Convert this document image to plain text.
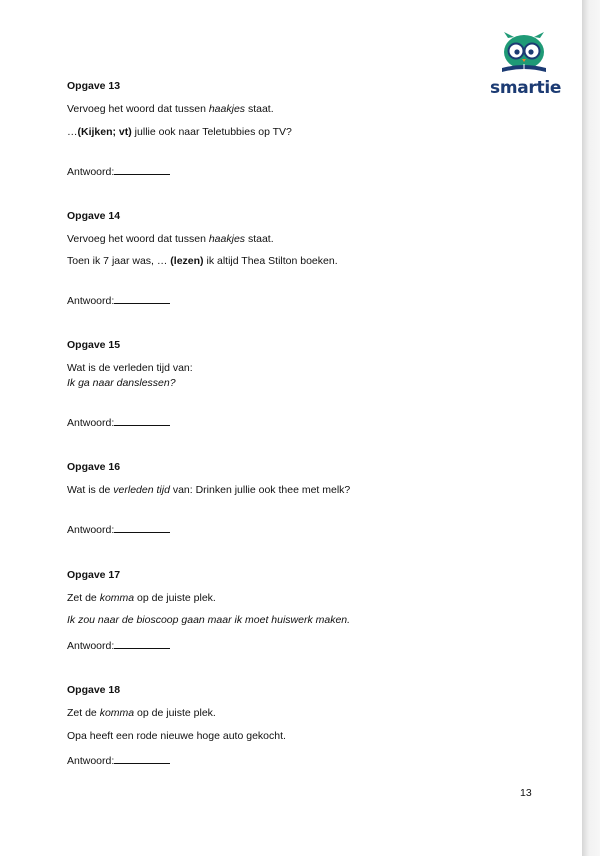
smartie
Opgave 13
Vervoeg het woord dat tussen haakjes staat.
…(Kijken; vt) jullie ook naar Teletubbies op TV?
Antwoord:
Opgave 14
Vervoeg het woord dat tussen haakjes staat.
Toen ik 7 jaar was, … (lezen) ik altijd Thea Stilton boeken.
Antwoord:
Opgave 15
Wat is de verleden tijd van:
Ik ga naar danslessen?
Antwoord:
Opgave 16
Wat is de verleden tijd van: Drinken jullie ook thee met melk?
Antwoord:
Opgave 17
Zet de komma op de juiste plek.
Ik zou naar de bioscoop gaan maar ik moet huiswerk maken.
Antwoord:
Opgave 18
Zet de komma op de juiste plek.
Opa heeft een rode nieuwe hoge auto gekocht.
Antwoord:
13
